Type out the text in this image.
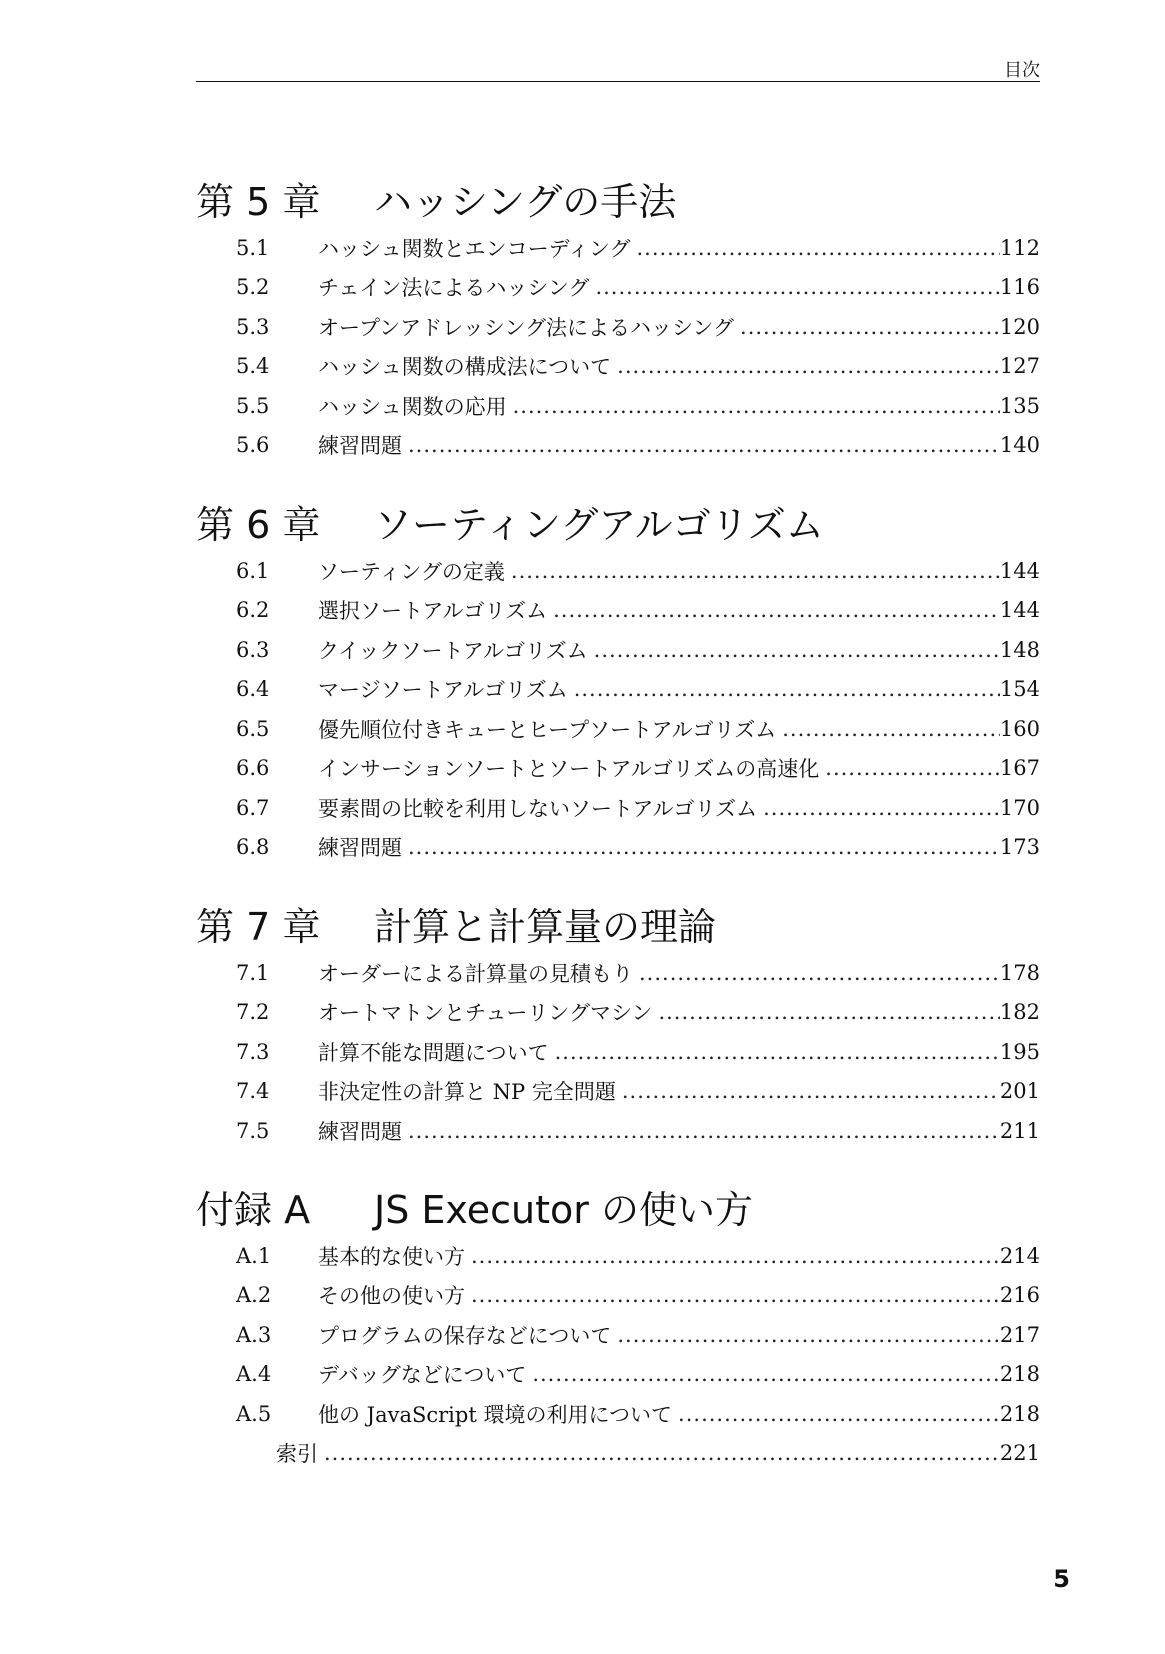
目次
第 5 章	ハッシングの手法
5.1 ハッシュ関数とエンコーディング .....	112
5.2 チェイン法によるハッシング .....	116
5.3 オープンアドレッシング法によるハッシング .....	120
5.4 ハッシュ関数の構成法について .....	127
5.5 ハッシュ関数の応用 .....	135
5.6 練習問題 .....	140
第 6 章	ソーティングアルゴリズム
6.1 ソーティングの定義 .....	144
6.2 選択ソートアルゴリズム .....	144
6.3 クイックソートアルゴリズム .....	148
6.4 マージソートアルゴリズム .....	154
6.5 優先順位付きキューとヒープソートアルゴリズム .....	160
6.6 インサーションソートとソートアルゴリズムの高速化 .....	167
6.7 要素間の比較を利用しないソートアルゴリズム .....	170
6.8 練習問題 .....	173
第 7 章	計算と計算量の理論
7.1 オーダーによる計算量の見積もり .....	178
7.2 オートマトンとチューリングマシン .....	182
7.3 計算不能な問題について .....	195
7.4 非決定性の計算と NP 完全問題 .....	201
7.5 練習問題 .....	211
付録 A	JS Executor の使い方
A.1 基本的な使い方 .....	214
A.2 その他の使い方 .....	216
A.3 プログラムの保存などについて .....	217
A.4 デバッグなどについて .....	218
A.5 他の JavaScript 環境の利用について .....	218
索引 .....	221
5
